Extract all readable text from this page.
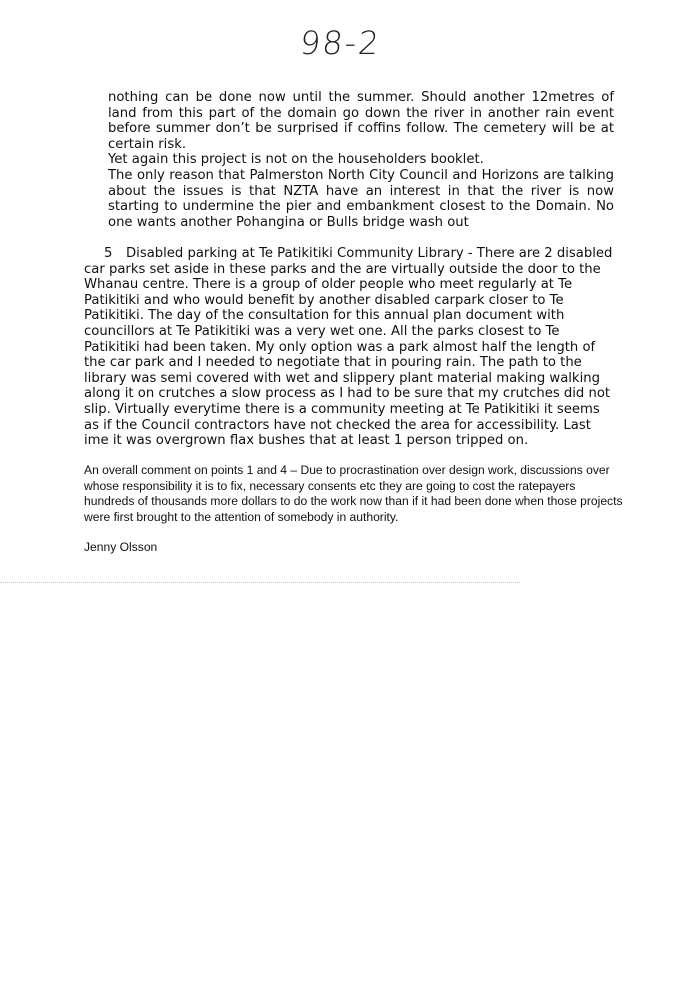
98-2

nothing can be done now until the summer. Should another 12metres of land from this part of the domain go down the river in another rain event before summer don’t be surprised if coffins follow. The cemetery will be at certain risk.

Yet again this project is not on the householders booklet.

The only reason that Palmerston North City Council and Horizons are talking about the issues is that NZTA have an interest in that the river is now starting to undermine the pier and embankment closest to the Domain. No one wants another Pohangina or Bulls bridge wash out

5 Disabled parking at Te Patikitiki Community Library - There are 2 disabled car parks set aside in these parks and the are virtually outside the door to the Whanau centre. There is a group of older people who meet regularly at Te Patikitiki and who would benefit by another disabled carpark closer to Te Patikitiki. The day of the consultation for this annual plan document with councillors at Te Patikitiki was a very wet one. All the parks closest to Te Patikitiki had been taken. My only option was a park almost half the length of the car park and I needed to negotiate that in pouring rain. The path to the library was semi covered with wet and slippery plant material making walking along it on crutches a slow process as I had to be sure that my crutches did not slip. Virtually everytime there is a community meeting at Te Patikitiki it seems as if the Council contractors have not checked the area for accessibility. Last ime it was overgrown flax bushes that at least 1 person tripped on.
An overall comment on points 1 and 4 – Due to procrastination over design work, discussions over whose responsibility it is to fix, necessary consents etc they are going to cost the ratepayers hundreds of thousands more dollars to do the work now than if it had been done when those projects were first brought to the attention of somebody in authority.
Jenny Olsson
